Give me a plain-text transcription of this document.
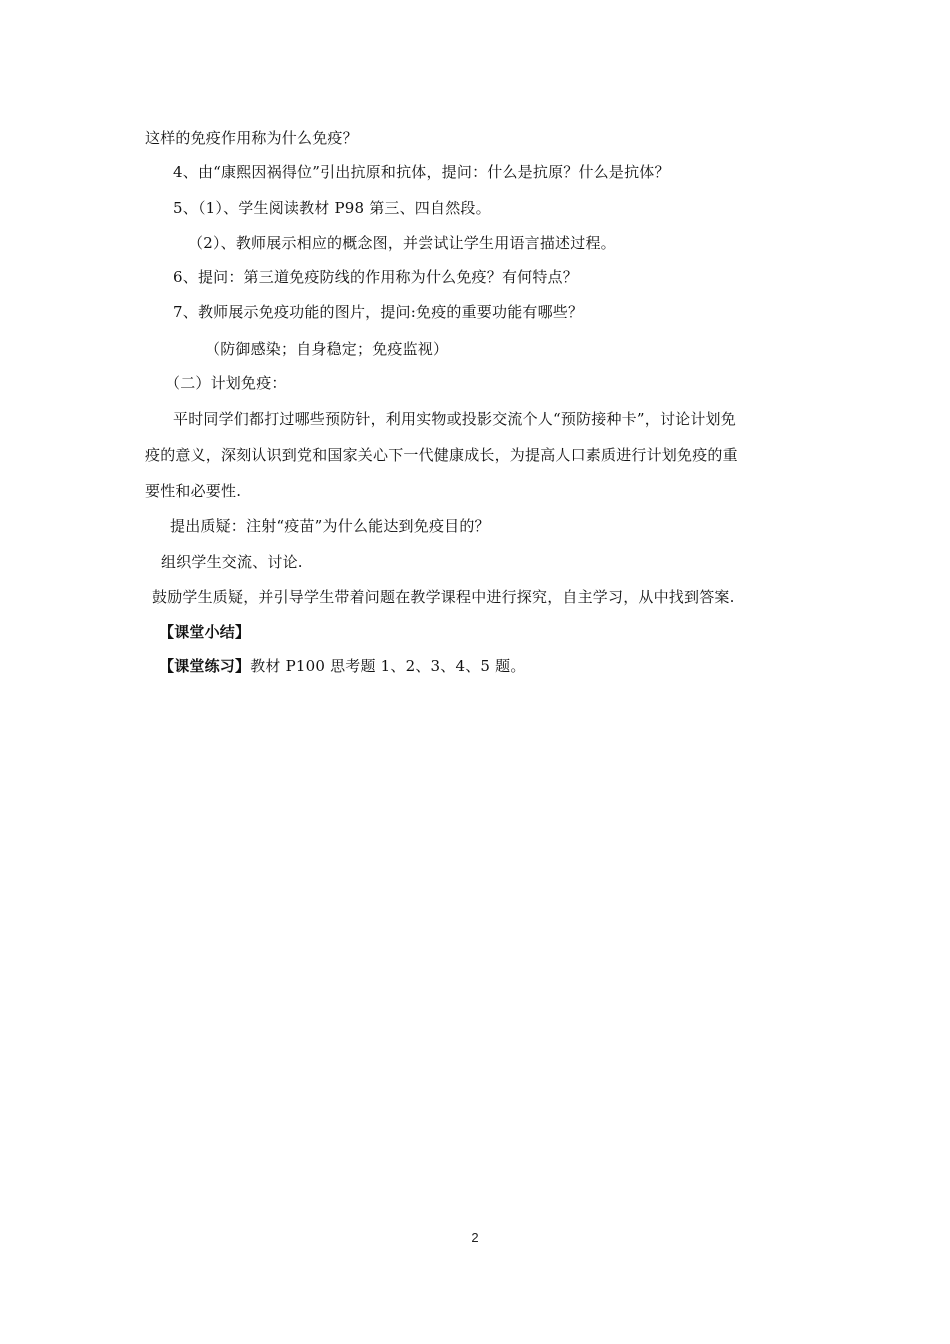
这样的免疫作用称为什么免疫？
4、由“康熙因祸得位”引出抗原和抗体，提问：什么是抗原？什么是抗体？
5、（1）、学生阅读教材 P98 第三、四自然段。
（2）、教师展示相应的概念图，并尝试让学生用语言描述过程。
6、提问：第三道免疫防线的作用称为什么免疫？有何特点？
7、教师展示免疫功能的图片，提问:免疫的重要功能有哪些？
（防御感染；自身稳定；免疫监视）
（二）计划免疫：
平时同学们都打过哪些预防针，利用实物或投影交流个人“预防接种卡”，讨论计划免
疫的意义，深刻认识到党和国家关心下一代健康成长，为提高人口素质进行计划免疫的重
要性和必要性.
提出质疑：注射“疫苗”为什么能达到免疫目的？
组织学生交流、讨论.
鼓励学生质疑，并引导学生带着问题在教学课程中进行探究，自主学习，从中找到答案.
【课堂小结】
【课堂练习】教材 P100 思考题 1、2、3、4、5 题。
2
